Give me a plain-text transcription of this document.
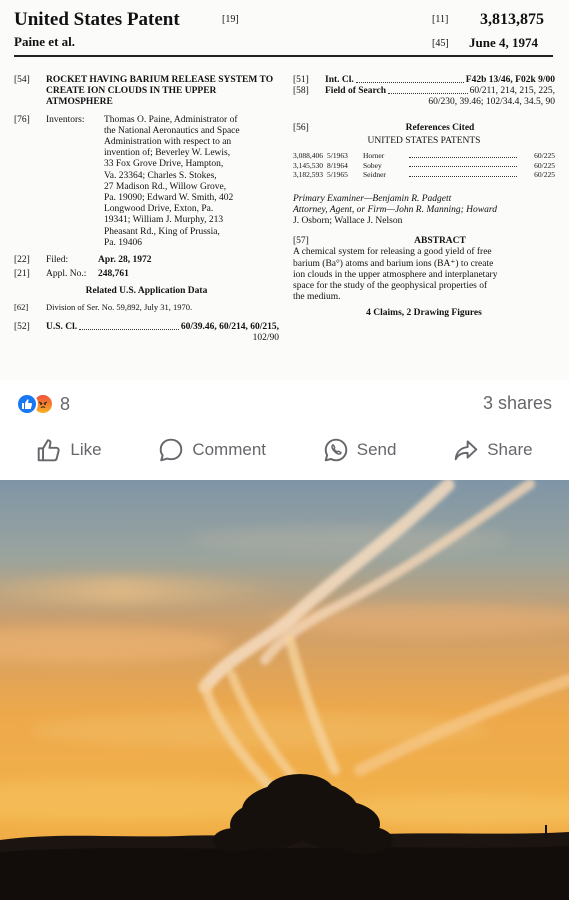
United States Patent	[19]	[11] 3,813,875
Paine et al.	[45] June 4, 1974
[54]	ROCKET HAVING BARIUM RELEASE SYSTEM TO CREATE ION CLOUDS IN THE UPPER ATMOSPHERE
[76]	Inventors:	Thomas O. Paine, Administrator of
the National Aeronautics and Space
Administration with respect to an
invention of; Beverley W. Lewis,
33 Fox Grove Drive, Hampton,
Va. 23364; Charles S. Stokes,
27 Madison Rd., Willow Grove,
Pa. 19090; Edward W. Smith, 402
Longwood Drive, Exton, Pa.
19341; William J. Murphy, 213
Pheasant Rd., King of Prussia,
Pa. 19406
[22]	Filed:	Apr. 28, 1972
[21]	Appl. No.:	248,761
Related U.S. Application Data
[62]	Division of Ser. No. 59,892, July 31, 1970.
[52]	U.S. Cl.	60/39.46, 60/214, 60/215,
102/90
[51]	Int. Cl.	F42b 13/46, F02k 9/00
[58]	Field of Search	60/211, 214, 215, 225,
60/230, 39.46; 102/34.4, 34.5, 90
[56]	References Cited
UNITED STATES PATENTS
3,088,406 5/1963	Horner	60/225
3,145,530 8/1964	Sobey	60/225
3,182,593 5/1965	Seidner	60/225
Primary Examiner—Benjamin R. Padgett
Attorney, Agent, or Firm—John R. Manning; Howard
J. Osborn; Wallace J. Nelson
[57]	ABSTRACT
A chemical system for releasing a good yield of free
barium (Ba°) atoms and barium ions (BA⁺) to create
ion clouds in the upper atmosphere and interplanetary
space for the study of the geophysical properties of
the medium.
4 Claims, 2 Drawing Figures
8	3 shares
Like	Comment	Send	Share
